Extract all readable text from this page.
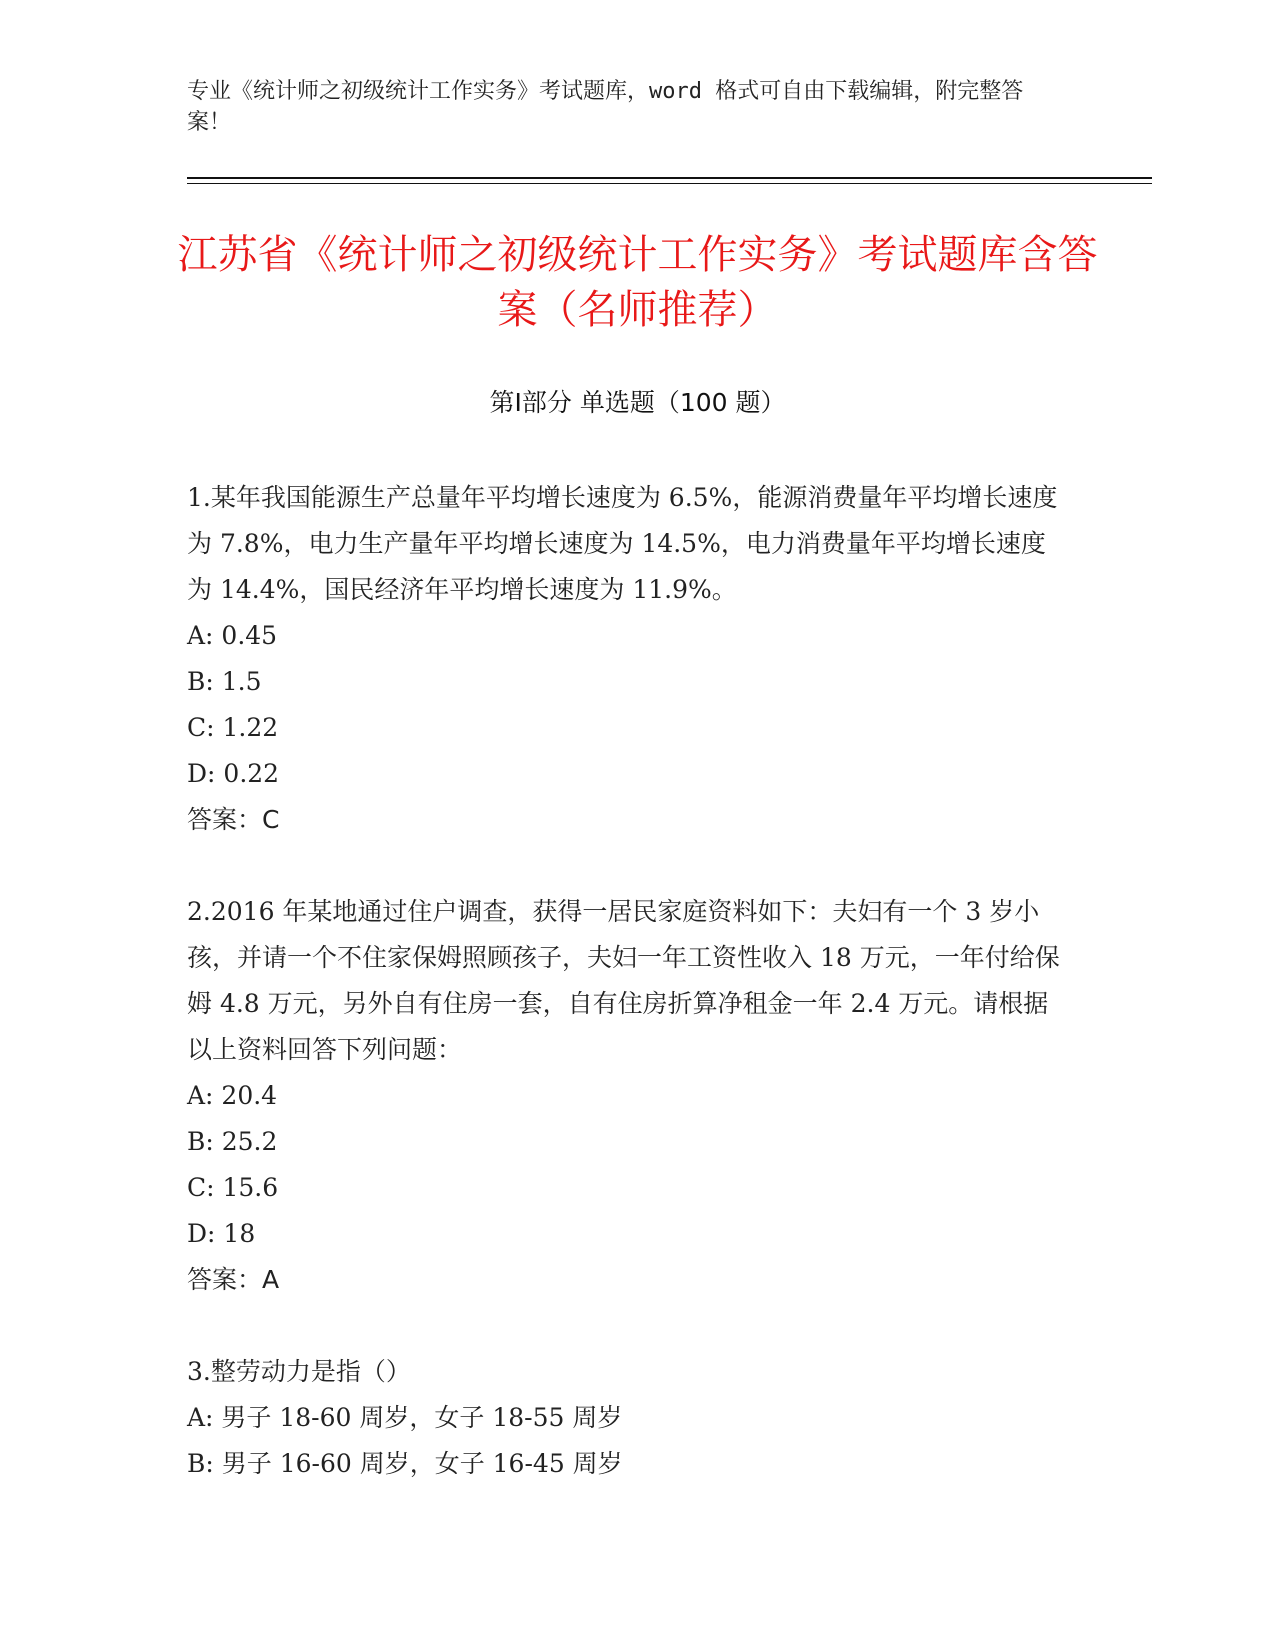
专业《统计师之初级统计工作实务》考试题库，word 格式可自由下载编辑，附完整答案！
江苏省《统计师之初级统计工作实务》考试题库含答案（名师推荐）
第Ⅰ部分 单选题（100 题）
1.某年我国能源生产总量年平均增长速度为 6.5%，能源消费量年平均增长速度为 7.8%，电力生产量年平均增长速度为 14.5%，电力消费量年平均增长速度为 14.4%，国民经济年平均增长速度为 11.9%。
A: 0.45
B: 1.5
C: 1.22
D: 0.22
答案：C
2.2016 年某地通过住户调查，获得一居民家庭资料如下：夫妇有一个 3 岁小孩，并请一个不住家保姆照顾孩子，夫妇一年工资性收入 18 万元，一年付给保姆 4.8 万元，另外自有住房一套，自有住房折算净租金一年 2.4 万元。请根据以上资料回答下列问题：
A: 20.4
B: 25.2
C: 15.6
D: 18
答案：A
3.整劳动力是指（）
A: 男子 18-60 周岁，女子 18-55 周岁
B: 男子 16-60 周岁，女子 16-45 周岁
